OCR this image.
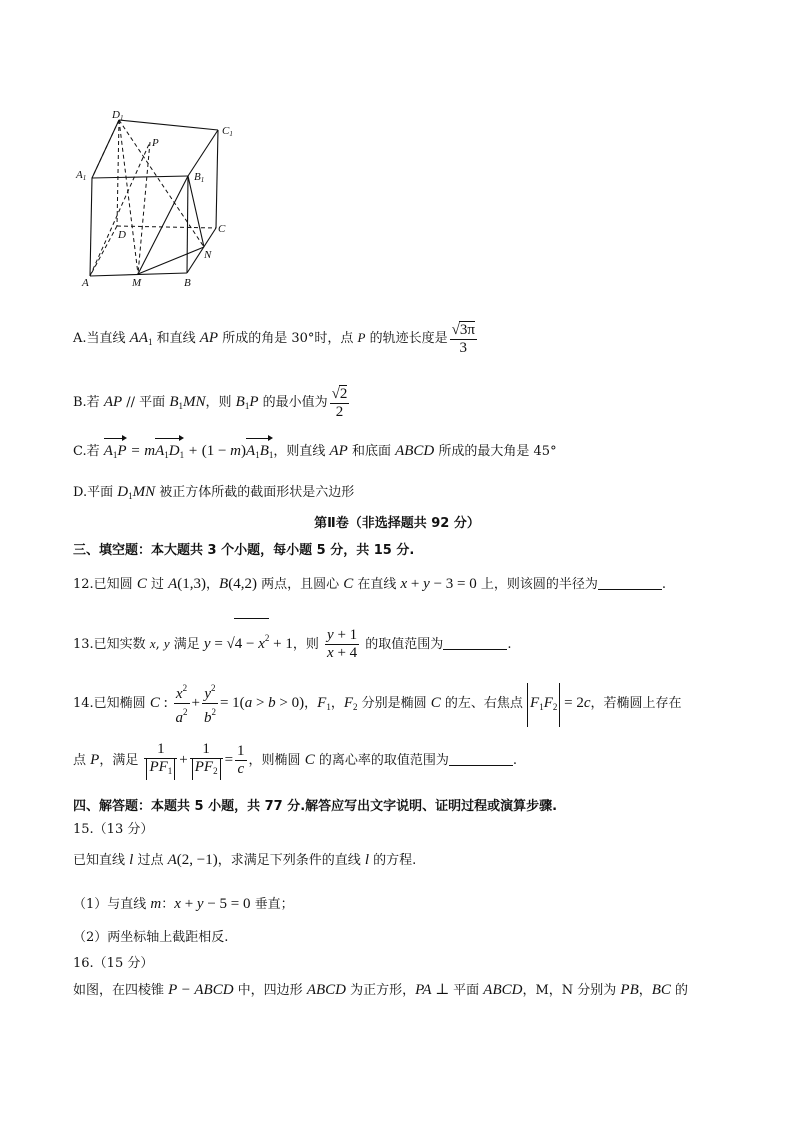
D1
C1
A1	B1
P
D	C
N
A	M	B
A.当直线 $AA_1$ 和直线 AP 所成的角是 30°时，点 P 的轨迹长度是 $\frac{√3\pi}{3}$
B.若 AP // 平面 $B_1MN$，则 $B_1P$ 的最小值为 $\frac{√2}{2}$
C.若 $A_1P = mA_1D_1 + (1 - m)A_1B_1$，则直线 AP 和底面 ABCD 所成的最大角是 45°
D.平面 $D_1MN$ 被正方体所截的截面形状是六边形
第Ⅱ卷（非选择题共 92 分）
三、填空题：本大题共 3 个小题，每小题 5 分，共 15 分.
12.已知圆 C 过 A(1,3)，B(4,2) 两点，且圆心 C 在直线 x + y − 3 = 0 上，则该圆的半径为	.
13.已知实数 x, y 满足 $y = √4 - x^2 + 1$，则 $\frac{y + 1}{x + 4}$ 的取值范围为	.
14.已知椭圆 C : $\frac{x^2}{a^2} + \frac{y^2}{b^2} = 1(a > b > 0)$，$F_1$，$F_2$ 分别是椭圆 C 的左、右焦点 $F_1F_2 = 2c$，若椭圆上存在
点 P，满足 $\frac{1}{PF_1} + \frac{1}{PF_2} = \frac{1}{c}$ ，则椭圆 C 的离心率的取值范围为	.
四、解答题：本题共 5 小题，共 77 分.解答应写出文字说明、证明过程或演算步骤.
15.（13 分）
已知直线 l 过点 A(2, −1)，求满足下列条件的直线 l 的方程.
（1）与直线 m：x + y − 5 = 0 垂直；
（2）两坐标轴上截距相反.
16.（15 分）
如图，在四棱锥 P − ABCD 中，四边形 ABCD 为正方形，PA ⊥ 平面 ABCD，M，N 分别为 PB，BC 的
